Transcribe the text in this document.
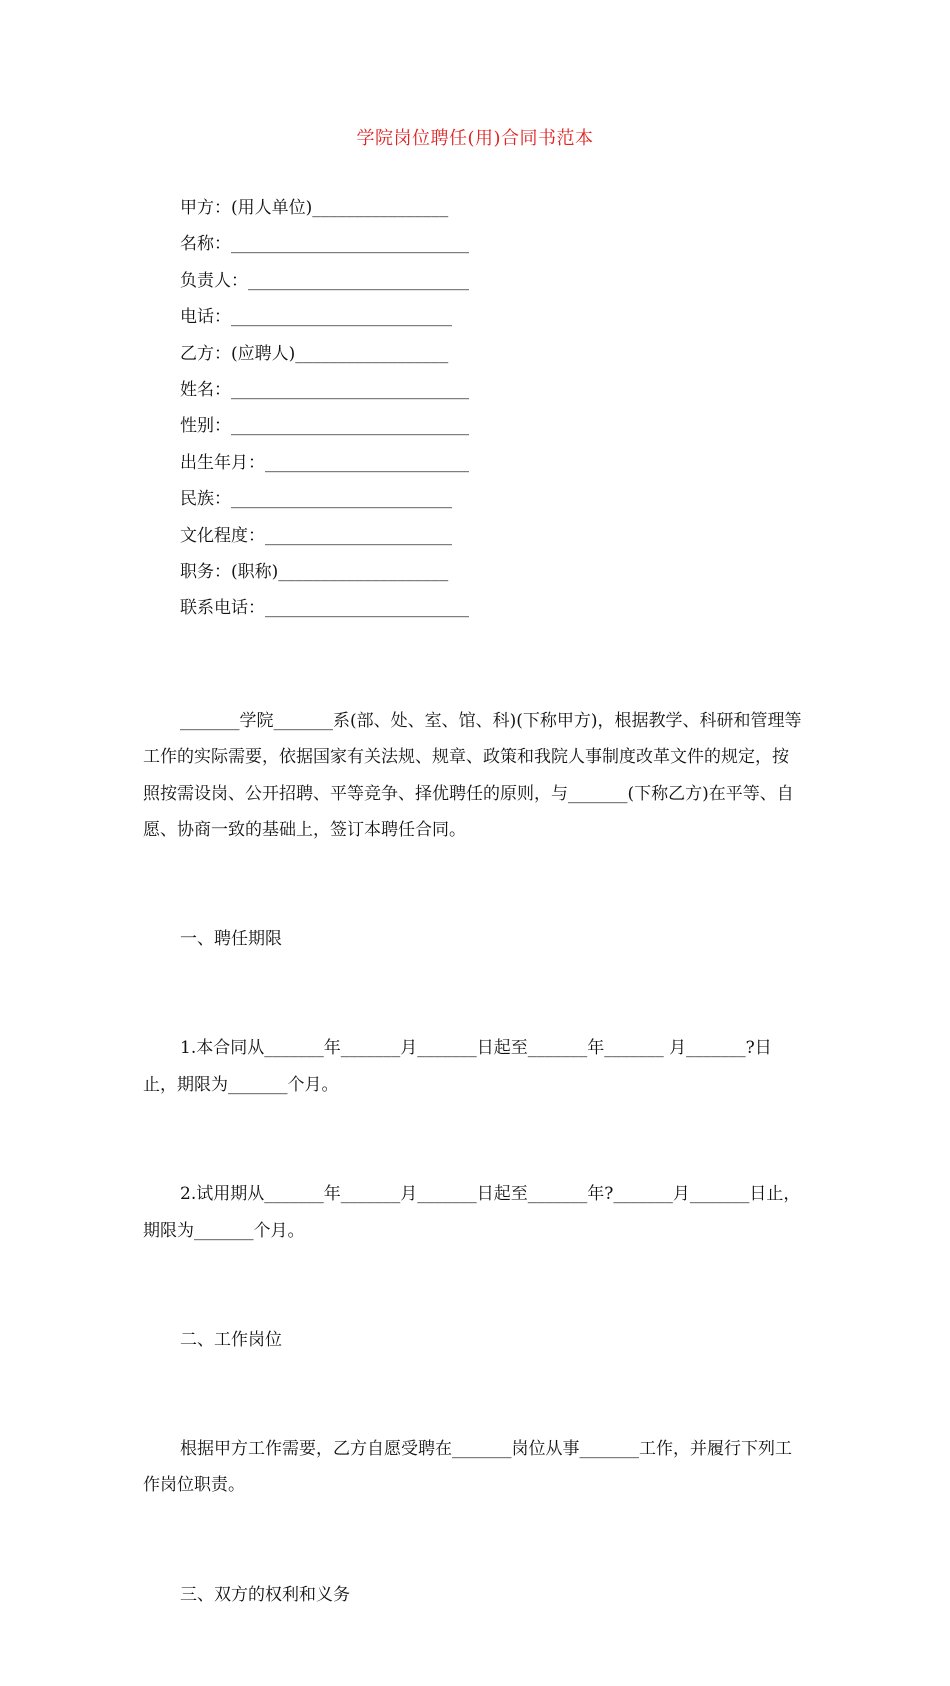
学院岗位聘任(用)合同书范本
甲方：(用人单位)________________
名称：____________________________
负责人：__________________________
电话：__________________________
乙方：(应聘人)__________________
姓名：____________________________
性别：____________________________
出生年月：________________________
民族：__________________________
文化程度：______________________
职务：(职称)____________________
联系电话：________________________

_______学院_______系(部、处、室、馆、科)(下称甲方)，根据教学、科研和管理等工作的实际需要，依据国家有关法规、规章、政策和我院人事制度改革文件的规定，按照按需设岗、公开招聘、平等竞争、择优聘任的原则，与_______(下称乙方)在平等、自愿、协商一致的基础上，签订本聘任合同。

一、聘任期限

1.本合同从_______年_______月_______日起至_______年_______ 月_______?日止，期限为_______个月。

2.试用期从_______年_______月_______日起至_______年?_______月_______日止，期限为_______个月。

二、工作岗位

根据甲方工作需要，乙方自愿受聘在_______岗位从事_______工作，并履行下列工作岗位职责。

三、双方的权利和义务
